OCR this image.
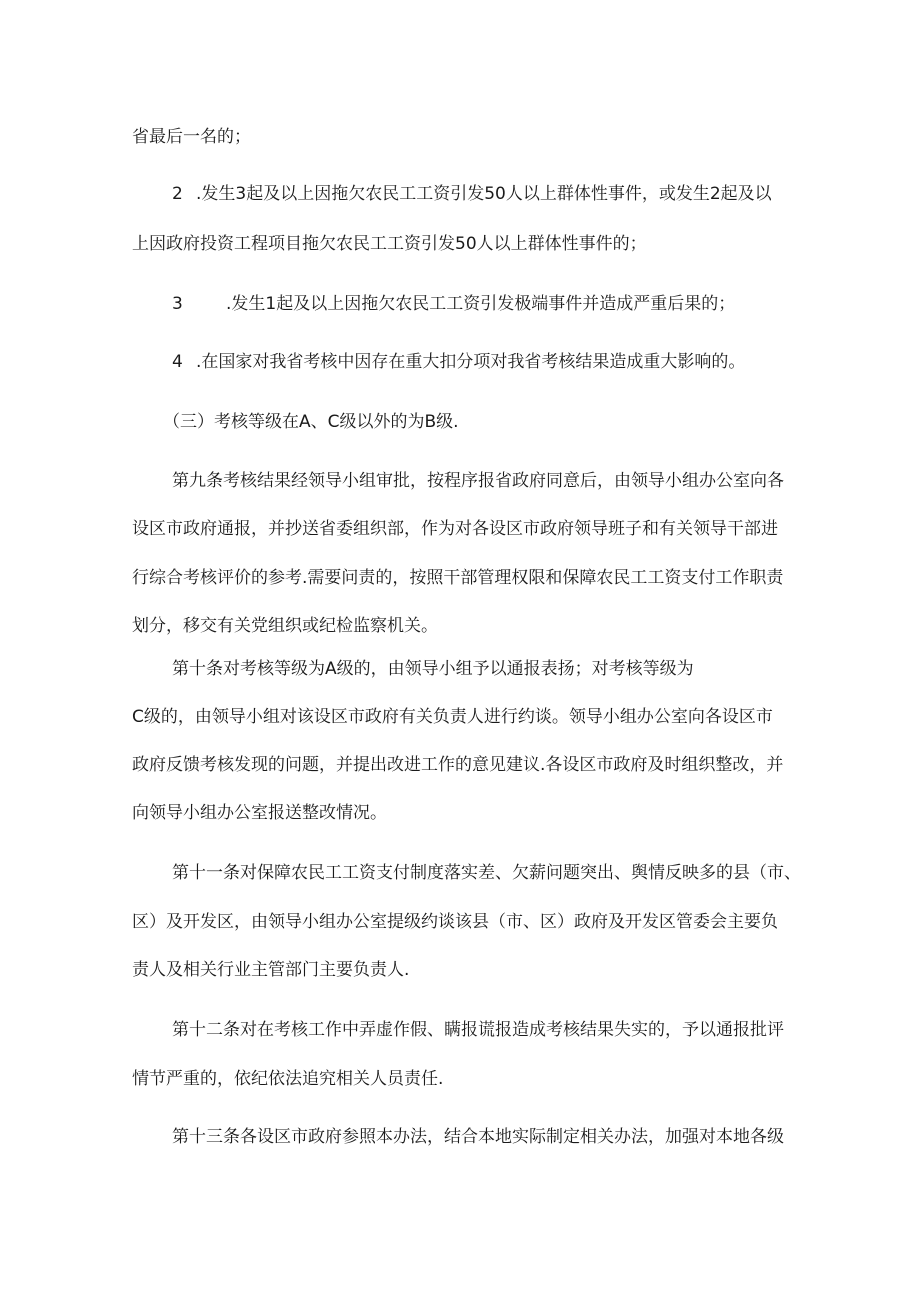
省最后一名的；

2 .发生3起及以上因拖欠农民工工资引发50人以上群体性事件，或发生2起及以

上因政府投资工程项目拖欠农民工工资引发50人以上群体性事件的；

3	.发生1起及以上因拖欠农民工工资引发极端事件并造成严重后果的；

4 .在国家对我省考核中因存在重大扣分项对我省考核结果造成重大影响的。

（三）考核等级在A、C级以外的为B级.

第九条考核结果经领导小组审批，按程序报省政府同意后，由领导小组办公室向各

设区市政府通报，并抄送省委组织部，作为对各设区市政府领导班子和有关领导干部进

行综合考核评价的参考.需要问责的，按照干部管理权限和保障农民工工资支付工作职责

划分，移交有关党组织或纪检监察机关。

第十条对考核等级为A级的，由领导小组予以通报表扬；对考核等级为

C级的，由领导小组对该设区市政府有关负责人进行约谈。领导小组办公室向各设区市

政府反馈考核发现的问题，并提出改进工作的意见建议.各设区市政府及时组织整改，并

向领导小组办公室报送整改情况。

第十一条对保障农民工工资支付制度落实差、欠薪问题突出、舆情反映多的县（市、

区）及开发区，由领导小组办公室提级约谈该县（市、区）政府及开发区管委会主要负

责人及相关行业主管部门主要负责人.

第十二条对在考核工作中弄虚作假、瞒报谎报造成考核结果失实的，予以通报批评

情节严重的，依纪依法追究相关人员责任.

第十三条各设区市政府参照本办法，结合本地实际制定相关办法，加强对本地各级
